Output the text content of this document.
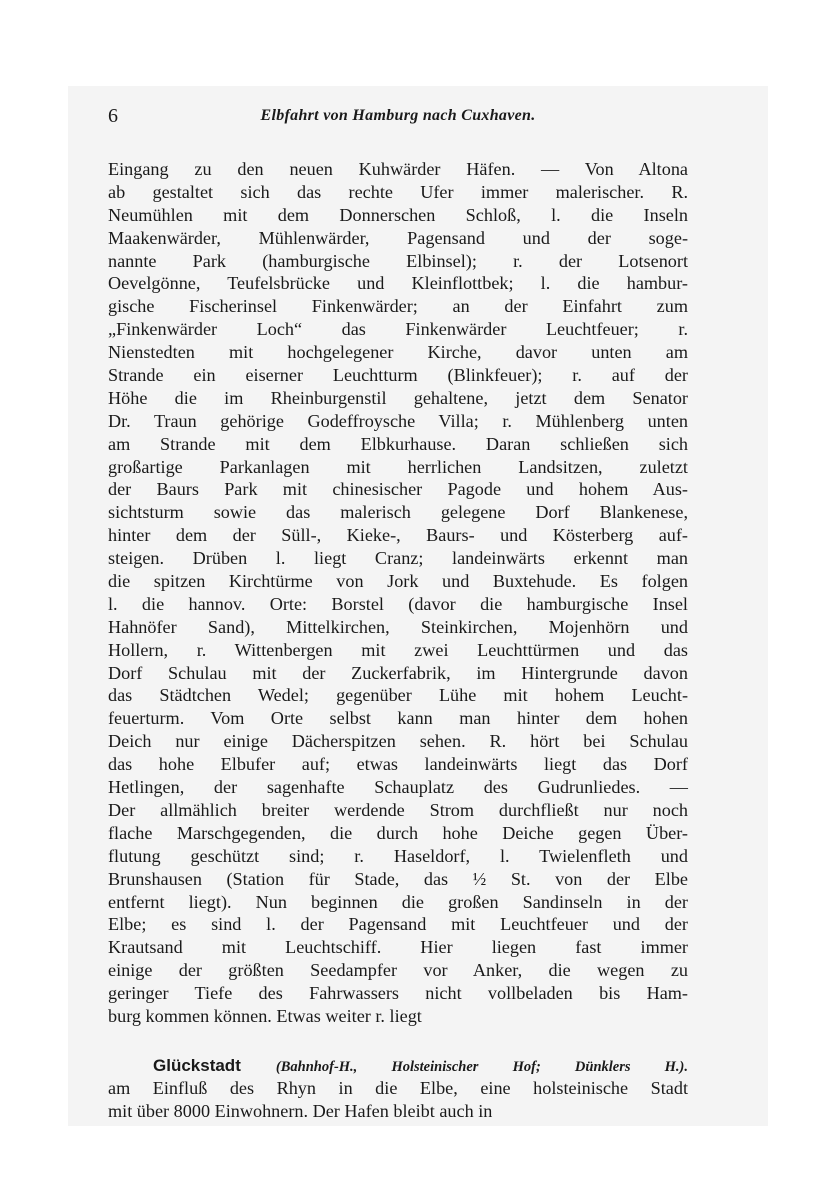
6	Elbfahrt von Hamburg nach Cuxhaven.
Eingang zu den neuen Kuhwärder Häfen. — Von Altona
ab gestaltet sich das rechte Ufer immer malerischer. R.
Neumühlen mit dem Donnerschen Schloß, l. die Inseln
Maakenwärder, Mühlenwärder, Pagensand und der soge-
nannte Park (hamburgische Elbinsel); r. der Lotsenort
Oevelgönne, Teufelsbrücke und Kleinflottbek; l. die hambur-
gische Fischerinsel Finkenwärder; an der Einfahrt zum
„Finkenwärder Loch“ das Finkenwärder Leuchtfeuer; r.
Nienstedten mit hochgelegener Kirche, davor unten am
Strande ein eiserner Leuchtturm (Blinkfeuer); r. auf der
Höhe die im Rheinburgenstil gehaltene, jetzt dem Senator
Dr. Traun gehörige Godeffroysche Villa; r. Mühlenberg unten
am Strande mit dem Elbkurhause. Daran schließen sich
großartige Parkanlagen mit herrlichen Landsitzen, zuletzt
der Baurs Park mit chinesischer Pagode und hohem Aus-
sichtsturm sowie das malerisch gelegene Dorf Blankenese,
hinter dem der Süll-, Kieke-, Baurs- und Kösterberg auf-
steigen. Drüben l. liegt Cranz; landeinwärts erkennt man
die spitzen Kirchtürme von Jork und Buxtehude. Es folgen
l. die hannov. Orte: Borstel (davor die hamburgische Insel
Hahnöfer Sand), Mittelkirchen, Steinkirchen, Mojenhörn und
Hollern, r. Wittenbergen mit zwei Leuchttürmen und das
Dorf Schulau mit der Zuckerfabrik, im Hintergrunde davon
das Städtchen Wedel; gegenüber Lühe mit hohem Leucht-
feuerturm. Vom Orte selbst kann man hinter dem hohen
Deich nur einige Dächerspitzen sehen. R. hört bei Schulau
das hohe Elbufer auf; etwas landeinwärts liegt das Dorf
Hetlingen, der sagenhafte Schauplatz des Gudrunliedes. —
Der allmählich breiter werdende Strom durchfließt nur noch
flache Marschgegenden, die durch hohe Deiche gegen Über-
flutung geschützt sind; r. Haseldorf, l. Twielenfleth und
Brunshausen (Station für Stade, das ½ St. von der Elbe
entfernt liegt). Nun beginnen die großen Sandinseln in der
Elbe; es sind l. der Pagensand mit Leuchtfeuer und der
Krautsand mit Leuchtschiff. Hier liegen fast immer
einige der größten Seedampfer vor Anker, die wegen zu
geringer Tiefe des Fahrwassers nicht vollbeladen bis Ham-
burg kommen können. Etwas weiter r. liegt
Glückstadt (Bahnhof-H., Holsteinischer Hof; Dünklers H.).
am Einfluß des Rhyn in die Elbe, eine holsteinische Stadt
mit über 8000 Einwohnern. Der Hafen bleibt auch in
